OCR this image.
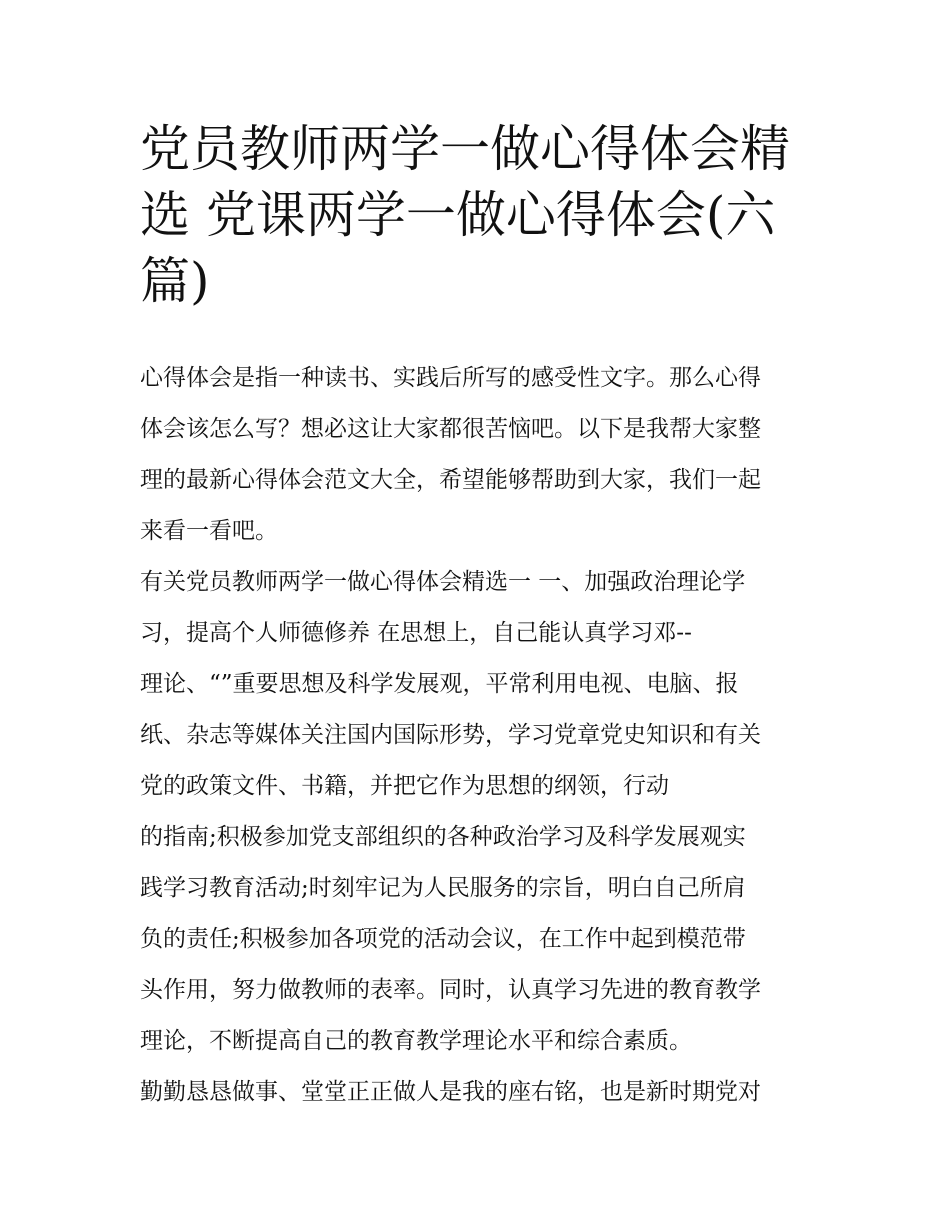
党员教师两学一做心得体会精
选 党课两学一做心得体会(六
篇)
心得体会是指一种读书、实践后所写的感受性文字。那么心得
体会该怎么写？想必这让大家都很苦恼吧。以下是我帮大家整
理的最新心得体会范文大全，希望能够帮助到大家，我们一起
来看一看吧。
有关党员教师两学一做心得体会精选一 一、加强政治理论学
习，提高个人师德修养 在思想上，自己能认真学习邓--
理论、“”重要思想及科学发展观，平常利用电视、电脑、报
纸、杂志等媒体关注国内国际形势，学习党章党史知识和有关
党的政策文件、书籍，并把它作为思想的纲领，行动
的指南;积极参加党支部组织的各种政治学习及科学发展观实
践学习教育活动;时刻牢记为人民服务的宗旨，明白自己所肩
负的责任;积极参加各项党的活动会议，在工作中起到模范带
头作用，努力做教师的表率。同时，认真学习先进的教育教学
理论，不断提高自己的教育教学理论水平和综合素质。
勤勤恳恳做事、堂堂正正做人是我的座右铭，也是新时期党对
